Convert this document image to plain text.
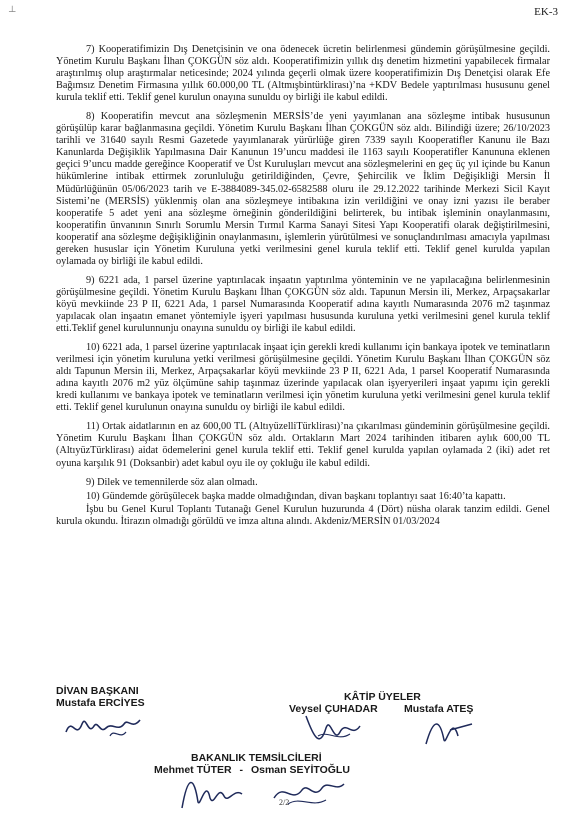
⊥	EK-3

7) Kooperatifimizin Dış Denetçisinin ve ona ödenecek ücretin belirlenmesi gündemin görüşülmesine geçildi. Yönetim Kurulu Başkanı İlhan ÇOKGÜN söz aldı. Kooperatifimizin yıllık dış denetim hizmetini yapabilecek firmalar araştırılmış olup araştırmalar neticesinde; 2024 yılında geçerli olmak üzere kooperatifimizin Dış Denetçisi olarak Efe Bağımsız Denetim Firmasına yıllık 60.000,00 TL (Altmışbintürklirası)’na +KDV Bedele yaptırılması hususunu genel kurula teklif etti. Teklif genel kurulun onayına sunuldu oy birliği ile kabul edildi.

8) Kooperatifin mevcut ana sözleşmenin MERSİS’de yeni yayımlanan ana sözleşme intibak hususunun görüşülüp karar bağlanmasına geçildi. Yönetim Kurulu Başkanı İlhan ÇOKGÜN söz aldı. Bilindiği üzere; 26/10/2023 tarihli ve 31640 sayılı Resmi Gazetede yayımlanarak yürürlüğe giren 7339 sayılı Kooperatifler Kanunu ile Bazı Kanunlarda Değişiklik Yapılmasına Dair Kanunun 19’uncu maddesi ile 1163 sayılı Kooperatifler Kanununa eklenen geçici 9’uncu madde gereğince Kooperatif ve Üst Kuruluşları mevcut ana sözleşmelerini en geç üç yıl içinde bu Kanun hükümlerine intibak ettirmek zorunluluğu getirildiğinden, Çevre, Şehircilik ve İklim Değişikliği Mersin İl Müdürlüğünün 05/06/2023 tarih ve E-3884089-345.02-6582588 oluru ile 29.12.2022 tarihinde Merkezi Sicil Kayıt Sistemi’ne (MERSİS) yüklenmiş olan ana sözleşmeye intibakına izin verildiğini ve onay izni yazısı ile beraber kooperatife 5 adet yeni ana sözleşme örneğinin gönderildiğini belirterek, bu intibak işleminin onaylanmasını, kooperatifin ünvanının Sınırlı Sorumlu Mersin Tırmıl Karma Sanayi Sitesi Yapı Kooperatifi olarak değiştirilmesini, kooperatif ana sözleşme değişikliğinin onaylanmasını, işlemlerin yürütülmesi ve sonuçlandırılması amacıyla yapılması gereken hususlar için Yönetim Kuruluna yetki verilmesini genel kurula teklif etti. Teklif genel kurulda yapılan oylamada oy birliği ile kabul edildi.

9) 6221 ada, 1 parsel üzerine yaptırılacak inşaatın yaptırılma yönteminin ve ne yapılacağına belirlenmesinin görüşülmesine geçildi. Yönetim Kurulu Başkanı İlhan ÇOKGÜN söz aldı. Tapunun Mersin ili, Merkez, Arpaçsakarlar köyü mevkiinde 23 P II, 6221 Ada, 1 parsel Numarasında Kooperatif adına kayıtlı Numarasında 2076 m2 taşınmaz yapılacak olan inşaatın emanet yöntemiyle işyeri yapılması hususunda kuruluna yetki verilmesini genel kurula teklif etti.Teklif genel kurulunnunju onayına sunuldu oy birliği ile kabul edildi.

10) 6221 ada, 1 parsel üzerine yaptırılacak inşaat için gerekli kredi kullanımı için bankaya ipotek ve teminatların verilmesi için yönetim kuruluna yetki verilmesi görüşülmesine geçildi. Yönetim Kurulu Başkanı İlhan ÇOKGÜN söz aldı Tapunun Mersin ili, Merkez, Arpaçsakarlar köyü mevkiinde 23 P II, 6221 Ada, 1 parsel Kooperatif Numarasında adına kayıtlı 2076 m2 yüz ölçümüne sahip taşınmaz üzerinde yapılacak olan işyeryerileri inşaat yapımı için gerekli kredi kullanımı ve bankaya ipotek ve teminatların verilmesi için yönetim kuruluna yetki verilmesini genel kurula teklif etti. Teklif genel kurulunun onayına sunuldu oy birliği ile kabul edildi.

11) Ortak aidatlarının en az 600,00 TL (AltıyüzelliTürklirası)’na çıkarılması gündeminin görüşülmesine geçildi. Yönetim Kurulu Başkanı İlhan ÇOKGÜN söz aldı. Ortakların Mart 2024 tarihinden itibaren aylık 600,00 TL (AltıyüzTürklirası) aidat ödemelerini genel kurula teklif etti. Teklif genel kurulda yapılan oylamada 2 (iki) adet ret oyuna karşılık 91 (Doksanbir) adet kabul oyu ile oy çokluğu ile kabul edildi.

9) Dilek ve temennilerde söz alan olmadı.

10) Gündemde görüşülecek başka madde olmadığından, divan başkanı toplantıyı saat 16:40’ta kapattı.

İşbu bu Genel Kurul Toplantı Tutanağı Genel Kurulun huzurunda 4 (Dört) nüsha olarak tanzim edildi. Genel kurula okundu. İtirazın olmadığı görüldü ve imza altına alındı. Akdeniz/MERSİN 01/03/2024

DİVAN BAŞKANI
Mustafa ERCİYES	KÂTİP ÜYELER
Veysel ÇUHADAR	Mustafa ATEŞ
BAKANLIK TEMSİLCİLERİ
Mehmet TÜTER - Osman SEYİTOĞLU
2/2
